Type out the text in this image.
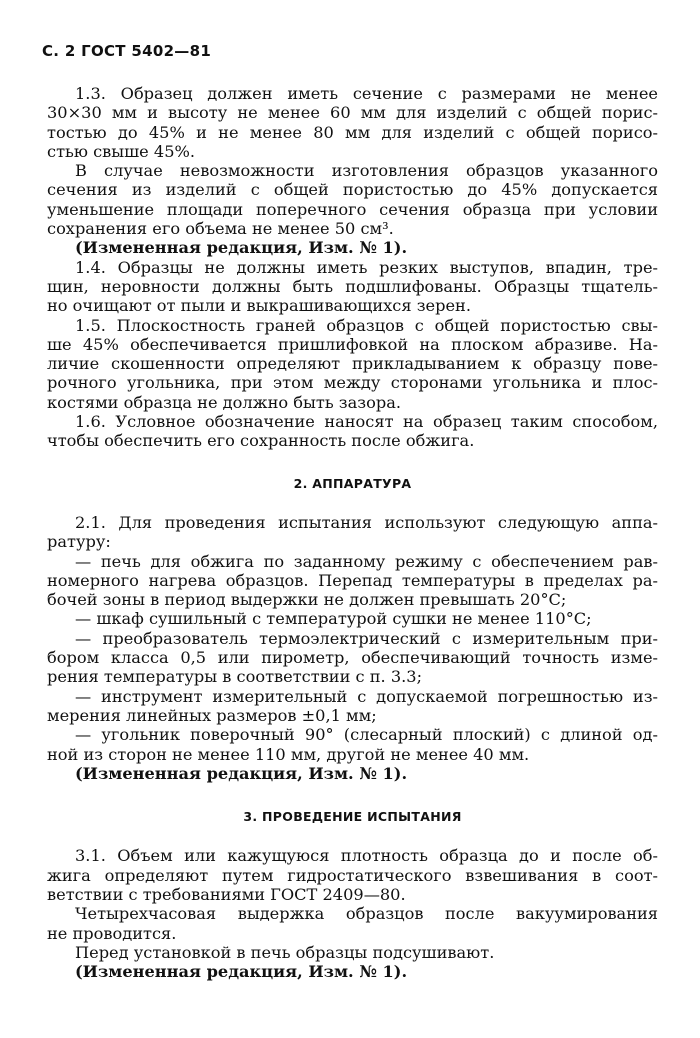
С. 2 ГОСТ 5402—81
1.3. Образец должен иметь сечение с размерами не менее
30×30 мм и высоту не менее 60 мм для изделий с общей порис-
тостью до 45% и не менее 80 мм для изделий с общей порисо-
стью свыше 45%.
В случае невозможности изготовления образцов указанного
сечения из изделий с общей пористостью до 45% допускается
уменьшение площади поперечного сечения образца при условии
сохранения его объема не менее 50 см³.
(Измененная редакция, Изм. № 1).
1.4. Образцы не должны иметь резких выступов, впадин, тре-
щин, неровности должны быть подшлифованы. Образцы тщатель-
но очищают от пыли и выкрашивающихся зерен.
1.5. Плоскостность граней образцов с общей пористостью свы-
ше 45% обеспечивается пришлифовкой на плоском абразиве. На-
личие скошенности определяют прикладыванием к образцу пове-
рочного угольника, при этом между сторонами угольника и плос-
костями образца не должно быть зазора.
1.6. Условное обозначение наносят на образец таким способом,
чтобы обеспечить его сохранность после обжига.
2. АППАРАТУРА
2.1. Для проведения испытания используют следующую аппа-
ратуру:
— печь для обжига по заданному режиму с обеспечением рав-
номерного нагрева образцов. Перепад температуры в пределах ра-
бочей зоны в период выдержки не должен превышать 20°С;
— шкаф сушильный с температурой сушки не менее 110°С;
— преобразователь термоэлектрический с измерительным при-
бором класса 0,5 или пирометр, обеспечивающий точность изме-
рения температуры в соответствии с п. 3.3;
— инструмент измерительный с допускаемой погрешностью из-
мерения линейных размеров ±0,1 мм;
— угольник поверочный 90° (слесарный плоский) с длиной од-
ной из сторон не менее 110 мм, другой не менее 40 мм.
(Измененная редакция, Изм. № 1).
3. ПРОВЕДЕНИЕ ИСПЫТАНИЯ
3.1. Объем или кажущуюся плотность образца до и после об-
жига определяют путем гидростатического взвешивания в соот-
ветствии с требованиями ГОСТ 2409—80.
Четырехчасовая выдержка образцов после вакуумирования
не проводится.
Перед установкой в печь образцы подсушивают.
(Измененная редакция, Изм. № 1).
